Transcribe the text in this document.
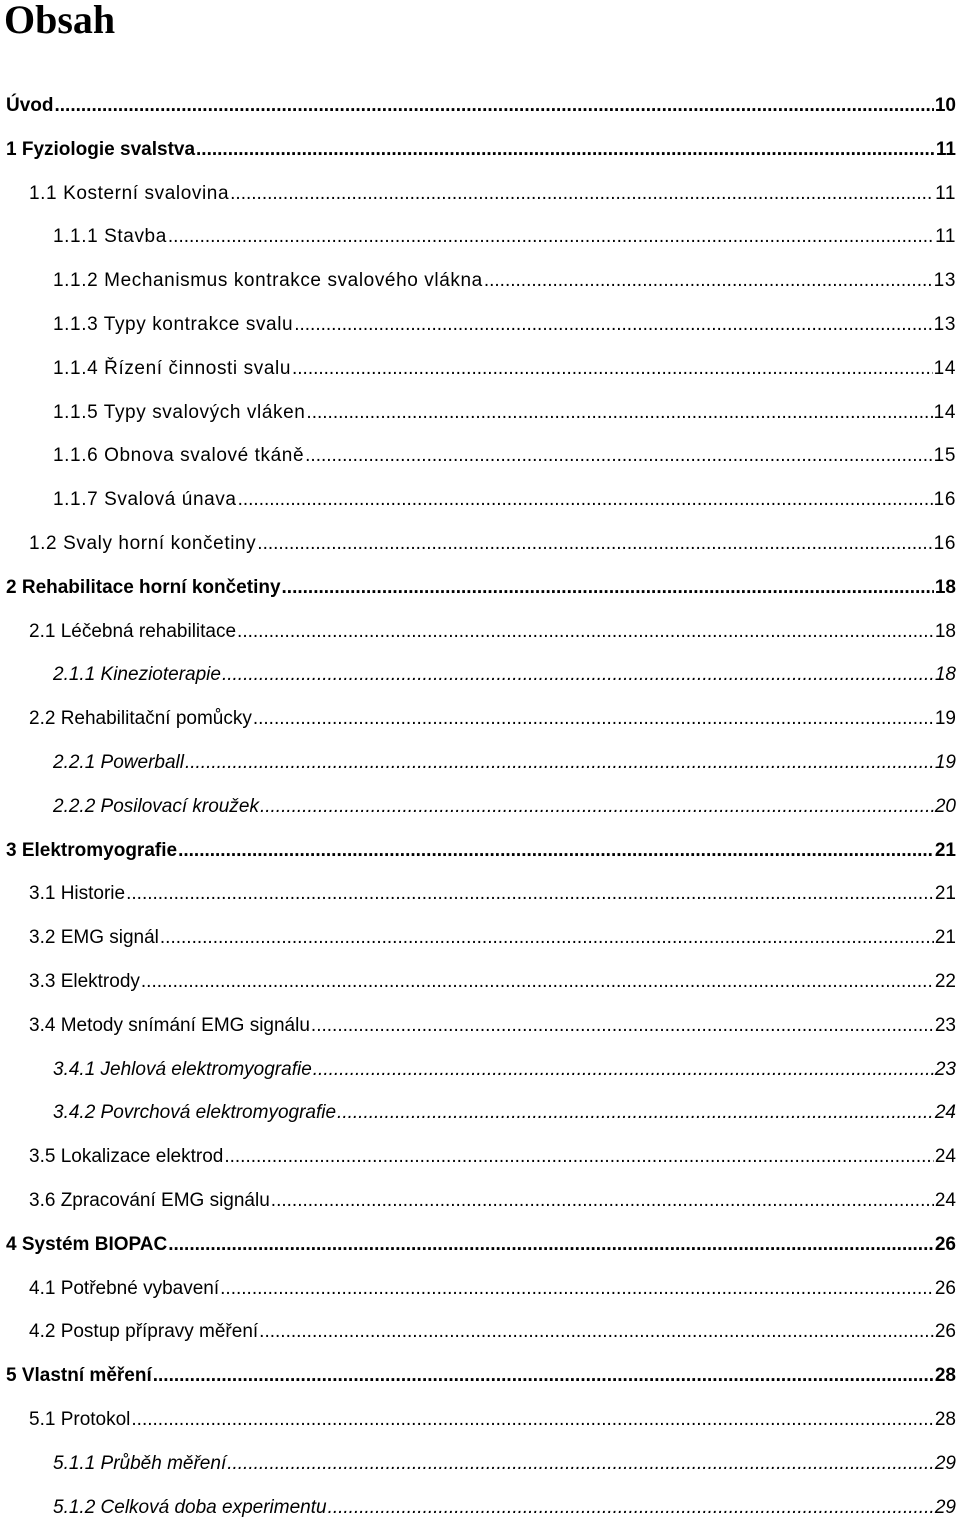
Obsah
Úvod .....	10
1 Fyziologie svalstva .....	11
1.1 Kosterní svalovina .....	11
1.1.1 Stavba .....	11
1.1.2 Mechanismus kontrakce svalového vlákna .....	13
1.1.3 Typy kontrakce svalu .....	13
1.1.4 Řízení činnosti svalu .....	14
1.1.5 Typy svalových vláken .....	14
1.1.6 Obnova svalové tkáně .....	15
1.1.7 Svalová únava .....	16
1.2 Svaly horní končetiny .....	16
2 Rehabilitace horní končetiny .....	18
2.1 Léčebná rehabilitace .....	18
2.1.1 Kinezioterapie .....	18
2.2 Rehabilitační pomůcky .....	19
2.2.1 Powerball .....	19
2.2.2 Posilovací kroužek .....	20
3 Elektromyografie .....	21
3.1 Historie .....	21
3.2 EMG signál .....	21
3.3 Elektrody .....	22
3.4 Metody snímání EMG signálu .....	23
3.4.1 Jehlová elektromyografie .....	23
3.4.2 Povrchová elektromyografie .....	24
3.5 Lokalizace elektrod .....	24
3.6 Zpracování EMG signálu .....	24
4 Systém BIOPAC .....	26
4.1 Potřebné vybavení .....	26
4.2 Postup přípravy měření .....	26
5 Vlastní měření .....	28
5.1 Protokol .....	28
5.1.1 Průběh měření .....	29
5.1.2 Celková doba experimentu .....	29
